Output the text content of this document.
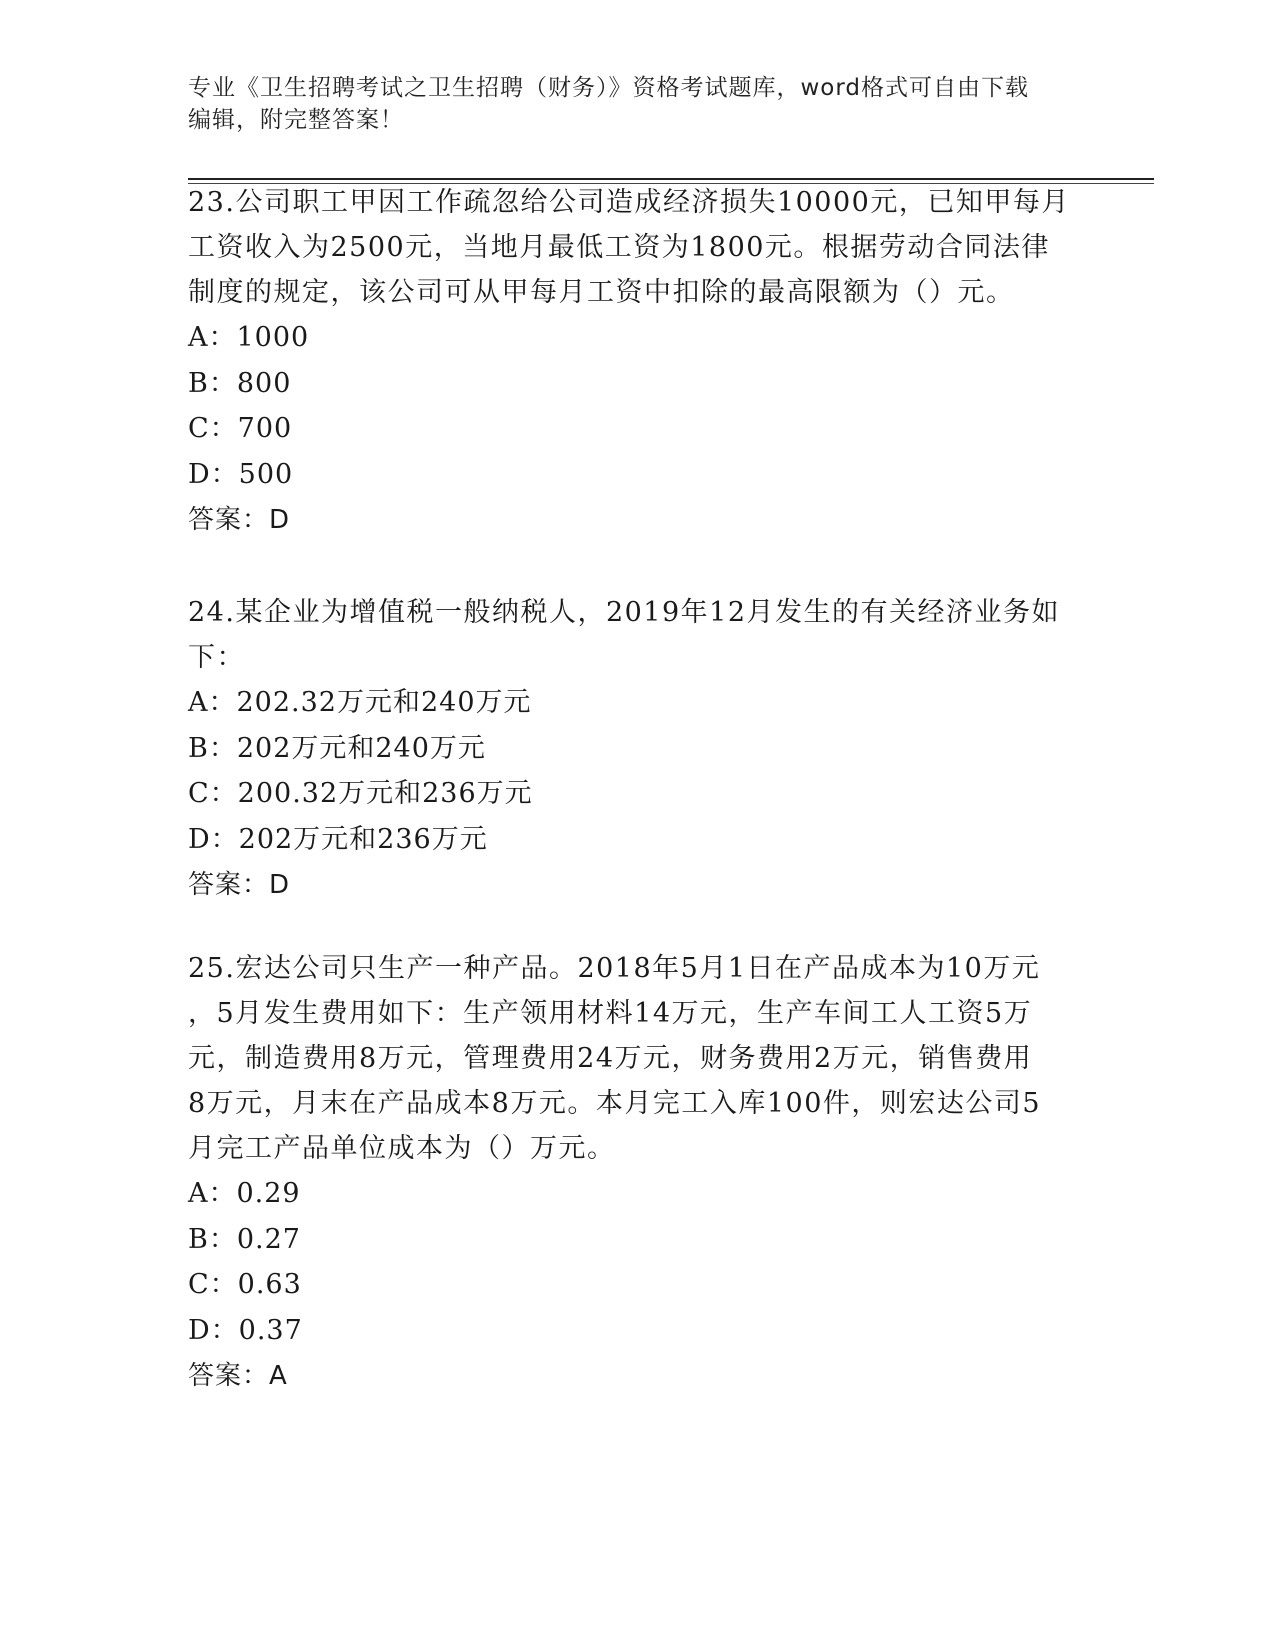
专业《卫生招聘考试之卫生招聘（财务）》资格考试题库，word格式可自由下载
编辑，附完整答案！
23.公司职工甲因工作疏忽给公司造成经济损失10000元，已知甲每月
工资收入为2500元，当地月最低工资为1800元。根据劳动合同法律
制度的规定，该公司可从甲每月工资中扣除的最高限额为（）元。
A：1000
B：800
C：700
D：500
答案：D
24.某企业为增值税一般纳税人，2019年12月发生的有关经济业务如
下：
A：202.32万元和240万元
B：202万元和240万元
C：200.32万元和236万元
D：202万元和236万元
答案：D
25.宏达公司只生产一种产品。2018年5月1日在产品成本为10万元
，5月发生费用如下：生产领用材料14万元，生产车间工人工资5万
元，制造费用8万元，管理费用24万元，财务费用2万元，销售费用
8万元，月末在产品成本8万元。本月完工入库100件，则宏达公司5
月完工产品单位成本为（）万元。
A：0.29
B：0.27
C：0.63
D：0.37
答案：A
